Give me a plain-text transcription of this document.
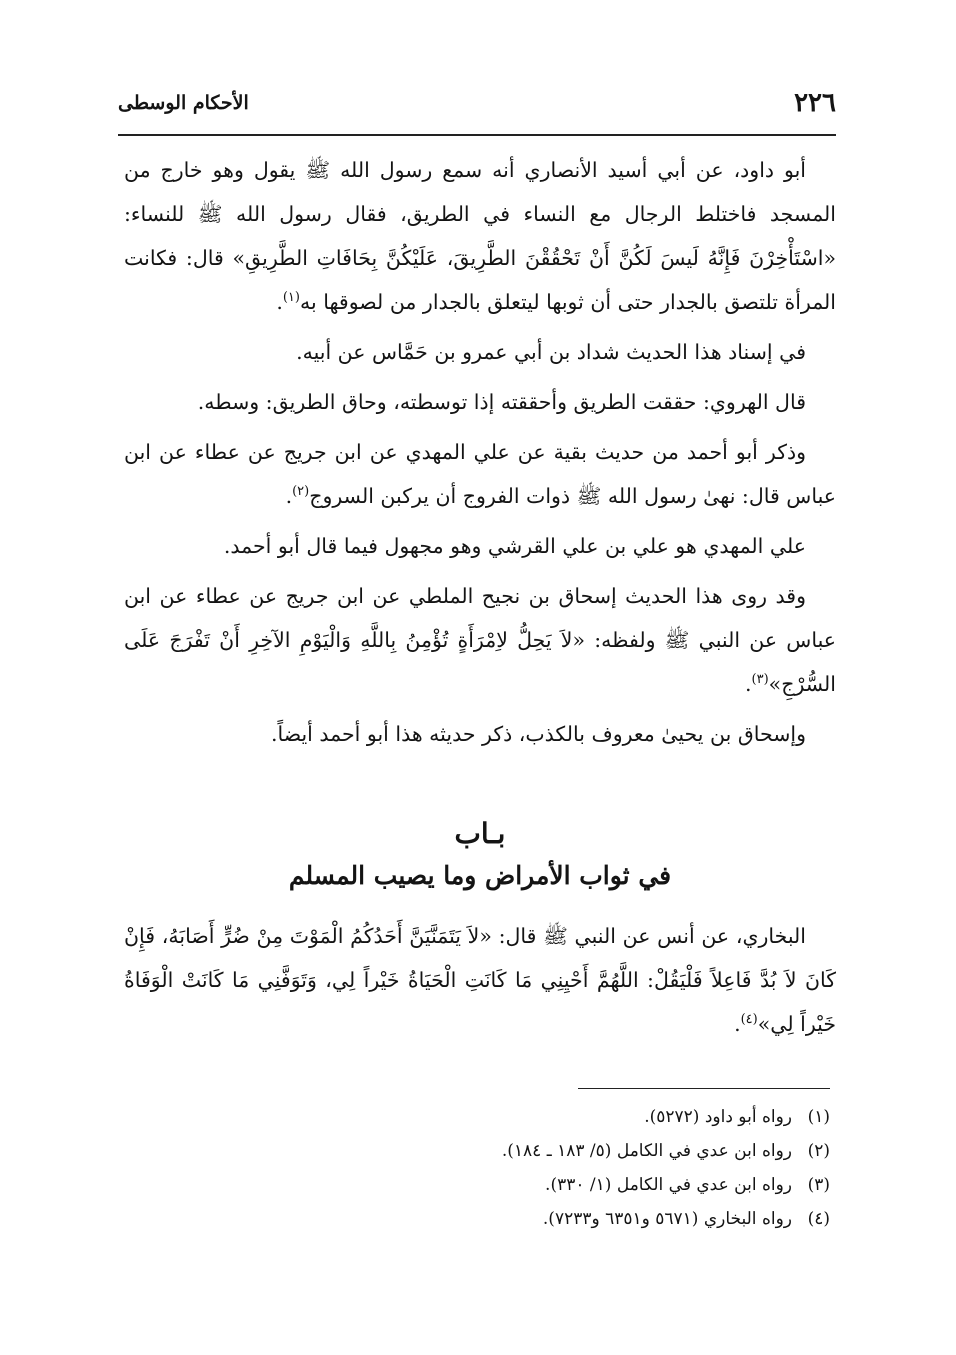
٢٢٦
الأحكام الوسطى

أبو داود، عن أبي أسيد الأنصاري أنه سمع رسول الله ﷺ يقول وهو خارج من المسجد فاختلط الرجال مع النساء في الطريق، فقال رسول الله ﷺ للنساء: «اسْتَأْخِرْنَ فَإِنَّهُ لَيسَ لَكُنَّ أَنْ تَحْقُقْنَ الطَّرِيقَ، عَلَيْكُنَّ بِحَافَاتِ الطَّرِيقِ» قال: فكانت المرأة تلتصق بالجدار حتى أن ثوبها ليتعلق بالجدار من لصوقها به$^{(١)}$.

في إسناد هذا الحديث شداد بن أبي عمرو بن حَمَّاس عن أبيه.

قال الهروي: حققت الطريق وأحققته إذا توسطته، وحاق الطريق: وسطه.

وذكر أبو أحمد من حديث بقية عن علي المهدي عن ابن جريج عن عطاء عن ابن عباس قال: نهىٰ رسول الله ﷺ ذوات الفروج أن يركبن السروج$^{(٢)}$.

علي المهدي هو علي بن علي القرشي وهو مجهول فيما قال أبو أحمد.

وقد روى هذا الحديث إسحاق بن نجيح الملطي عن ابن جريج عن عطاء عن ابن عباس عن النبي ﷺ ولفظه: «لاَ يَحِلُّ لاِمْرَأَةٍ تُؤْمِنُ بِاللَّهِ وَالْيَوْمِ الآخِرِ أَنْ تَفْرَجَ عَلَى السُّرْجِ»$^{(٣)}$.

وإسحاق بن يحيىٰ معروف بالكذب، ذكر حديثه هذا أبو أحمد أيضاً.

بـاب
في ثواب الأمراض وما يصيب المسلم

البخاري، عن أنس عن النبي ﷺ قال: «لاَ يَتَمَنَّيَنَّ أَحَدُكُمُ الْمَوْتَ مِنْ ضُرٍّ أَصَابَهُ، فَإِنْ كَانَ لاَ بُدَّ فَاعِلاً فَلْيَقُلْ: اللَّهُمَّ أَحْيِنِي مَا كَانَتِ الْحَيَاةُ خَيْراً لِي، وَتَوَفَّنِي مَا كَانَتْ الْوَفَاةُ خَيْراً لِي»$^{(٤)}$.

(١)رواه أبو داود (٥٢٧٢).

(٢)رواه ابن عدي في الكامل (٥/ ١٨٣ ـ ١٨٤).

(٣)رواه ابن عدي في الكامل (١/ ٣٣٠).

(٤)رواه البخاري (٥٦٧١ و٦٣٥١ و٧٢٣٣).
